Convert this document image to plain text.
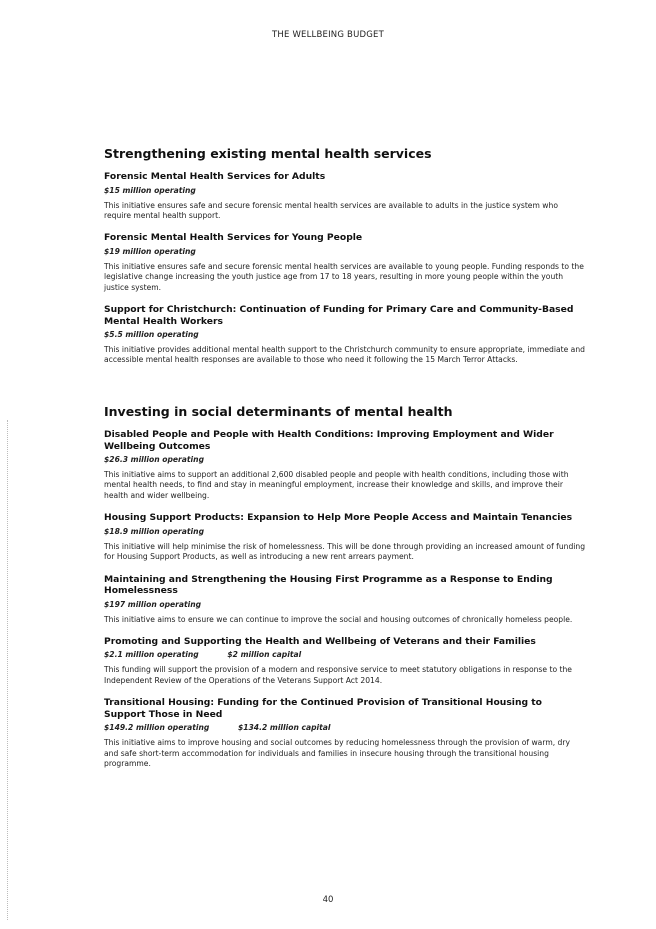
THE WELLBEING BUDGET
Strengthening existing mental health services
Forensic Mental Health Services for Adults
$15 million operating

This initiative ensures safe and secure forensic mental health services are available to adults in the justice system who require mental health support.

Forensic Mental Health Services for Young People
$19 million operating

This initiative ensures safe and secure forensic mental health services are available to young people. Funding responds to the legislative change increasing the youth justice age from 17 to 18 years, resulting in more young people within the youth justice system.

Support for Christchurch: Continuation of Funding for Primary Care and Community-Based Mental Health Workers
$5.5 million operating

This initiative provides additional mental health support to the Christchurch community to ensure appropriate, immediate and accessible mental health responses are available to those who need it following the 15 March Terror Attacks.

Investing in social determinants of mental health
Disabled People and People with Health Conditions: Improving Employment and Wider Wellbeing Outcomes
$26.3 million operating

This initiative aims to support an additional 2,600 disabled people and people with health conditions, including those with mental health needs, to find and stay in meaningful employment, increase their knowledge and skills, and improve their health and wider wellbeing.

Housing Support Products: Expansion to Help More People Access and Maintain Tenancies
$18.9 million operating

This initiative will help minimise the risk of homelessness. This will be done through providing an increased amount of funding for Housing Support Products, as well as introducing a new rent arrears payment.

Maintaining and Strengthening the Housing First Programme as a Response to Ending Homelessness
$197 million operating

This initiative aims to ensure we can continue to improve the social and housing outcomes of chronically homeless people.

Promoting and Supporting the Health and Wellbeing of Veterans and their Families
$2.1 million operating	$2 million capital

This funding will support the provision of a modern and responsive service to meet statutory obligations in response to the Independent Review of the Operations of the Veterans Support Act 2014.

Transitional Housing: Funding for the Continued Provision of Transitional Housing to Support Those in Need
$149.2 million operating	$134.2 million capital

This initiative aims to improve housing and social outcomes by reducing homelessness through the provision of warm, dry and safe short-term accommodation for individuals and families in insecure housing through the transitional housing programme.

40
